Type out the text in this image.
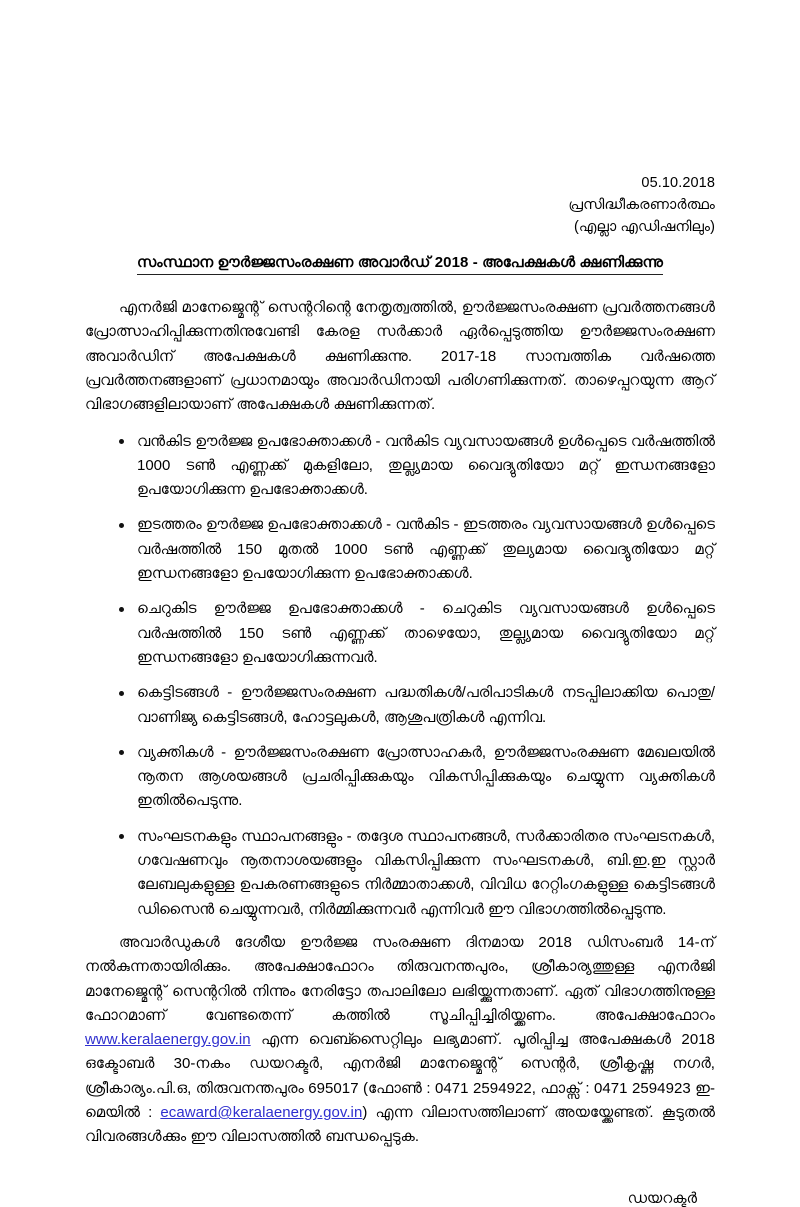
05.10.2018
പ്രസിദ്ധീകരണാർത്ഥം
(എല്ലാ എഡിഷനിലും)
സംസ്ഥാന ഊർജ്ജസംരക്ഷണ അവാർഡ് 2018 - അപേക്ഷകൾ ക്ഷണിക്കുന്നു

എനർജി മാനേജ്മെന്റ് സെന്ററിന്റെ നേതൃത്വത്തിൽ, ഊർജ്ജസംരക്ഷണ പ്രവർത്തനങ്ങൾ പ്രോത്സാഹിപ്പിക്കുന്നതിനുവേണ്ടി കേരള സർക്കാർ ഏർപ്പെടുത്തിയ ഊർജ്ജസംരക്ഷണ അവാർഡിന് അപേക്ഷകൾ ക്ഷണിക്കുന്നു. 2017-18 സാമ്പത്തിക വർഷത്തെ പ്രവർത്തനങ്ങളാണ് പ്രധാനമായും അവാർഡിനായി പരിഗണിക്കുന്നത്. താഴെപ്പറയുന്ന ആറ് വിഭാഗങ്ങളിലായാണ് അപേക്ഷകൾ ക്ഷണിക്കുന്നത്.

വൻകിട ഊർജ്ജ ഉപഭോക്താക്കൾ - വൻകിട വ്യവസായങ്ങൾ ഉൾപ്പെടെ വർഷത്തിൽ 1000 ടൺ എണ്ണക്ക് മുകളിലോ, തുല്ല്യമായ വൈദ്യുതിയോ മറ്റ് ഇന്ധനങ്ങളോ ഉപയോഗിക്കുന്ന ഉപഭോക്താക്കൾ.
ഇടത്തരം ഊർജ്ജ ഉപഭോക്താക്കൾ - വൻകിട - ഇടത്തരം വ്യവസായങ്ങൾ ഉൾപ്പെടെ വർഷത്തിൽ 150 മുതൽ 1000 ടൺ എണ്ണക്ക് തുല്യമായ വൈദ്യുതിയോ മറ്റ് ഇന്ധനങ്ങളോ ഉപയോഗിക്കുന്ന ഉപഭോക്താക്കൾ.
ചെറുകിട ഊർജ്ജ ഉപഭോക്താക്കൾ - ചെറുകിട വ്യവസായങ്ങൾ ഉൾപ്പെടെ വർഷത്തിൽ 150 ടൺ എണ്ണക്ക് താഴെയോ, തുല്ല്യമായ വൈദ്യുതിയോ മറ്റ് ഇന്ധനങ്ങളോ ഉപയോഗിക്കുന്നവർ.
കെട്ടിടങ്ങൾ - ഊർജ്ജസംരക്ഷണ പദ്ധതികൾ/പരിപാടികൾ നടപ്പിലാക്കിയ പൊതു/വാണിജ്യ കെട്ടിടങ്ങൾ, ഹോട്ടലുകൾ, ആശുപത്രികൾ എന്നിവ.
വ്യക്തികൾ - ഊർജ്ജസംരക്ഷണ പ്രോത്സാഹകർ, ഊർജ്ജസംരക്ഷണ മേഖലയിൽ നൂതന ആശയങ്ങൾ പ്രചരിപ്പിക്കുകയും വികസിപ്പിക്കുകയും ചെയ്യുന്ന വ്യക്തികൾ ഇതിൽപെടുന്നു.
സംഘടനകളും സ്ഥാപനങ്ങളും - തദ്ദേശ സ്ഥാപനങ്ങൾ, സർക്കാരിതര സംഘടനകൾ, ഗവേഷണവും നൂതനാശയങ്ങളും വികസിപ്പിക്കുന്ന സംഘടനകൾ, ബി.ഇ.ഇ സ്റ്റാർ ലേബലുകളുള്ള ഉപകരണങ്ങളുടെ നിർമ്മാതാക്കൾ, വിവിധ റേറ്റിംഗകളുള്ള കെട്ടിടങ്ങൾ ഡിസൈൻ ചെയ്യുന്നവർ, നിർമ്മിക്കുന്നവർ എന്നിവർ ഈ വിഭാഗത്തിൽപ്പെടുന്നു.

അവാർഡുകൾ ദേശീയ ഊർജ്ജ സംരക്ഷണ ദിനമായ 2018 ഡിസംബർ 14-ന് നൽകുന്നതായിരിക്കും. അപേക്ഷാഫോറം തിരുവനന്തപുരം, ശ്രീകാര്യത്തുള്ള എനർജി മാനേജ്മെന്റ് സെന്ററിൽ നിന്നും നേരിട്ടോ തപാലിലോ ലഭിയ്ക്കുന്നതാണ്. ഏത് വിഭാഗത്തിനുള്ള ഫോറമാണ് വേണ്ടതെന്ന് കത്തിൽ സൂചിപ്പിച്ചിരിയ്ക്കണം. അപേക്ഷാഫോറം www.keralaenergy.gov.in എന്ന വെബ്സൈറ്റിലും ലഭ്യമാണ്. പൂരിപ്പിച്ച അപേക്ഷകൾ 2018 ഒക്ടോബർ 30-നകം ഡയറക്ടർ, എനർജി മാനേജ്മെന്റ് സെന്റർ, ശ്രീകൃഷ്ണ നഗർ, ശ്രീകാര്യം.പി.ഒ, തിരുവനന്തപുരം 695017 (ഫോൺ : 0471 2594922, ഫാക്സ് : 0471 2594923 ഇ-മെയിൽ : ecaward@keralaenergy.gov.in) എന്ന വിലാസത്തിലാണ് അയയ്ക്കേണ്ടത്. കൂടുതൽ വിവരങ്ങൾക്കും ഈ വിലാസത്തിൽ ബന്ധപ്പെടുക.

ഡയറക്ടർ
